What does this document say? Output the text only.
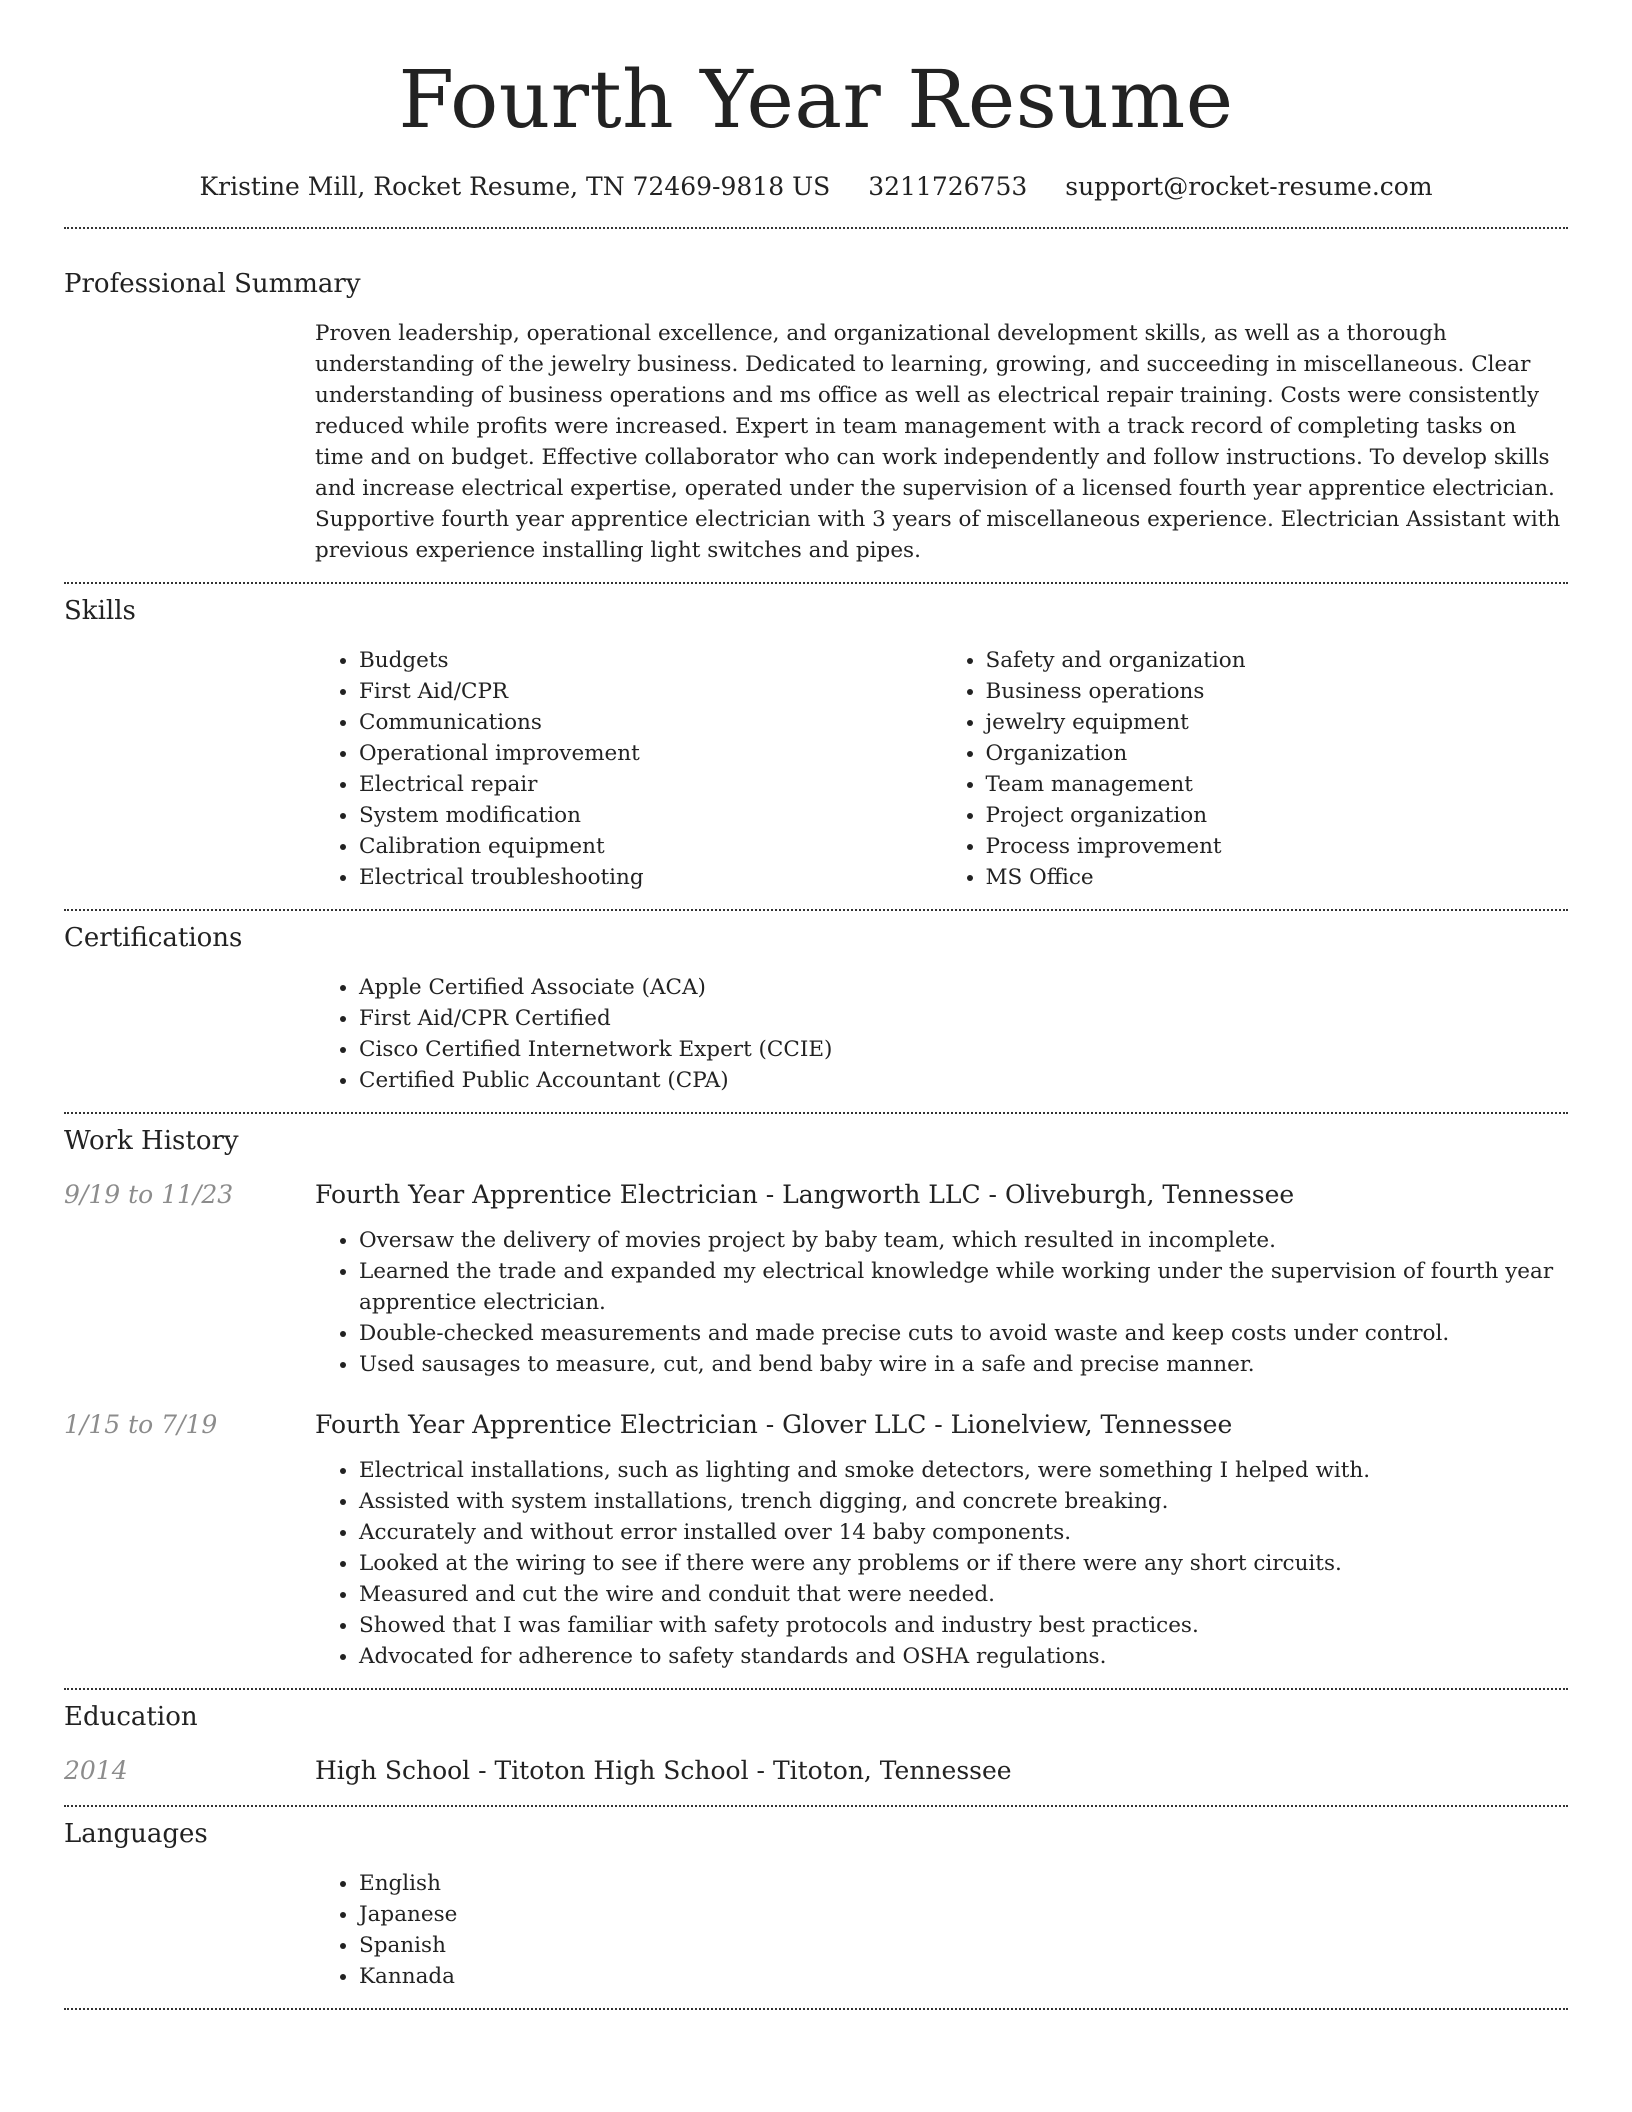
Fourth Year Resume
Kristine Mill, Rocket Resume, TN 72469-9818 US 3211726753 support@rocket-resume.com
Professional Summary

Proven leadership, operational excellence, and organizational development skills, as well as a thorough understanding of the jewelry business. Dedicated to learning, growing, and succeeding in miscellaneous. Clear understanding of business operations and ms office as well as electrical repair training. Costs were consistently reduced while profits were increased. Expert in team management with a track record of completing tasks on time and on budget. Effective collaborator who can work independently and follow instructions. To develop skills and increase electrical expertise, operated under the supervision of a licensed fourth year apprentice electrician. Supportive fourth year apprentice electrician with 3 years of miscellaneous experience. Electrician Assistant with previous experience installing light switches and pipes.

Skills
• Budgets
• First Aid/CPR
• Communications
• Operational improvement
• Electrical repair
• System modification
• Calibration equipment
• Electrical troubleshooting
• Safety and organization
• Business operations
• jewelry equipment
• Organization
• Team management
• Project organization
• Process improvement
• MS Office
Certifications
• Apple Certified Associate (ACA)
• First Aid/CPR Certified
• Cisco Certified Internetwork Expert (CCIE)
• Certified Public Accountant (CPA)
Work History
9/19 to 11/23	Fourth Year Apprentice Electrician - Langworth LLC - Oliveburgh, Tennessee
• Oversaw the delivery of movies project by baby team, which resulted in incomplete.
• Learned the trade and expanded my electrical knowledge while working under the supervision of fourth year apprentice electrician.
• Double-checked measurements and made precise cuts to avoid waste and keep costs under control.
• Used sausages to measure, cut, and bend baby wire in a safe and precise manner.
1/15 to 7/19	Fourth Year Apprentice Electrician - Glover LLC - Lionelview, Tennessee
• Electrical installations, such as lighting and smoke detectors, were something I helped with.
• Assisted with system installations, trench digging, and concrete breaking.
• Accurately and without error installed over 14 baby components.
• Looked at the wiring to see if there were any problems or if there were any short circuits.
• Measured and cut the wire and conduit that were needed.
• Showed that I was familiar with safety protocols and industry best practices.
• Advocated for adherence to safety standards and OSHA regulations.
Education
2014	High School - Titoton High School - Titoton, Tennessee
Languages
• English
• Japanese
• Spanish
• Kannada
